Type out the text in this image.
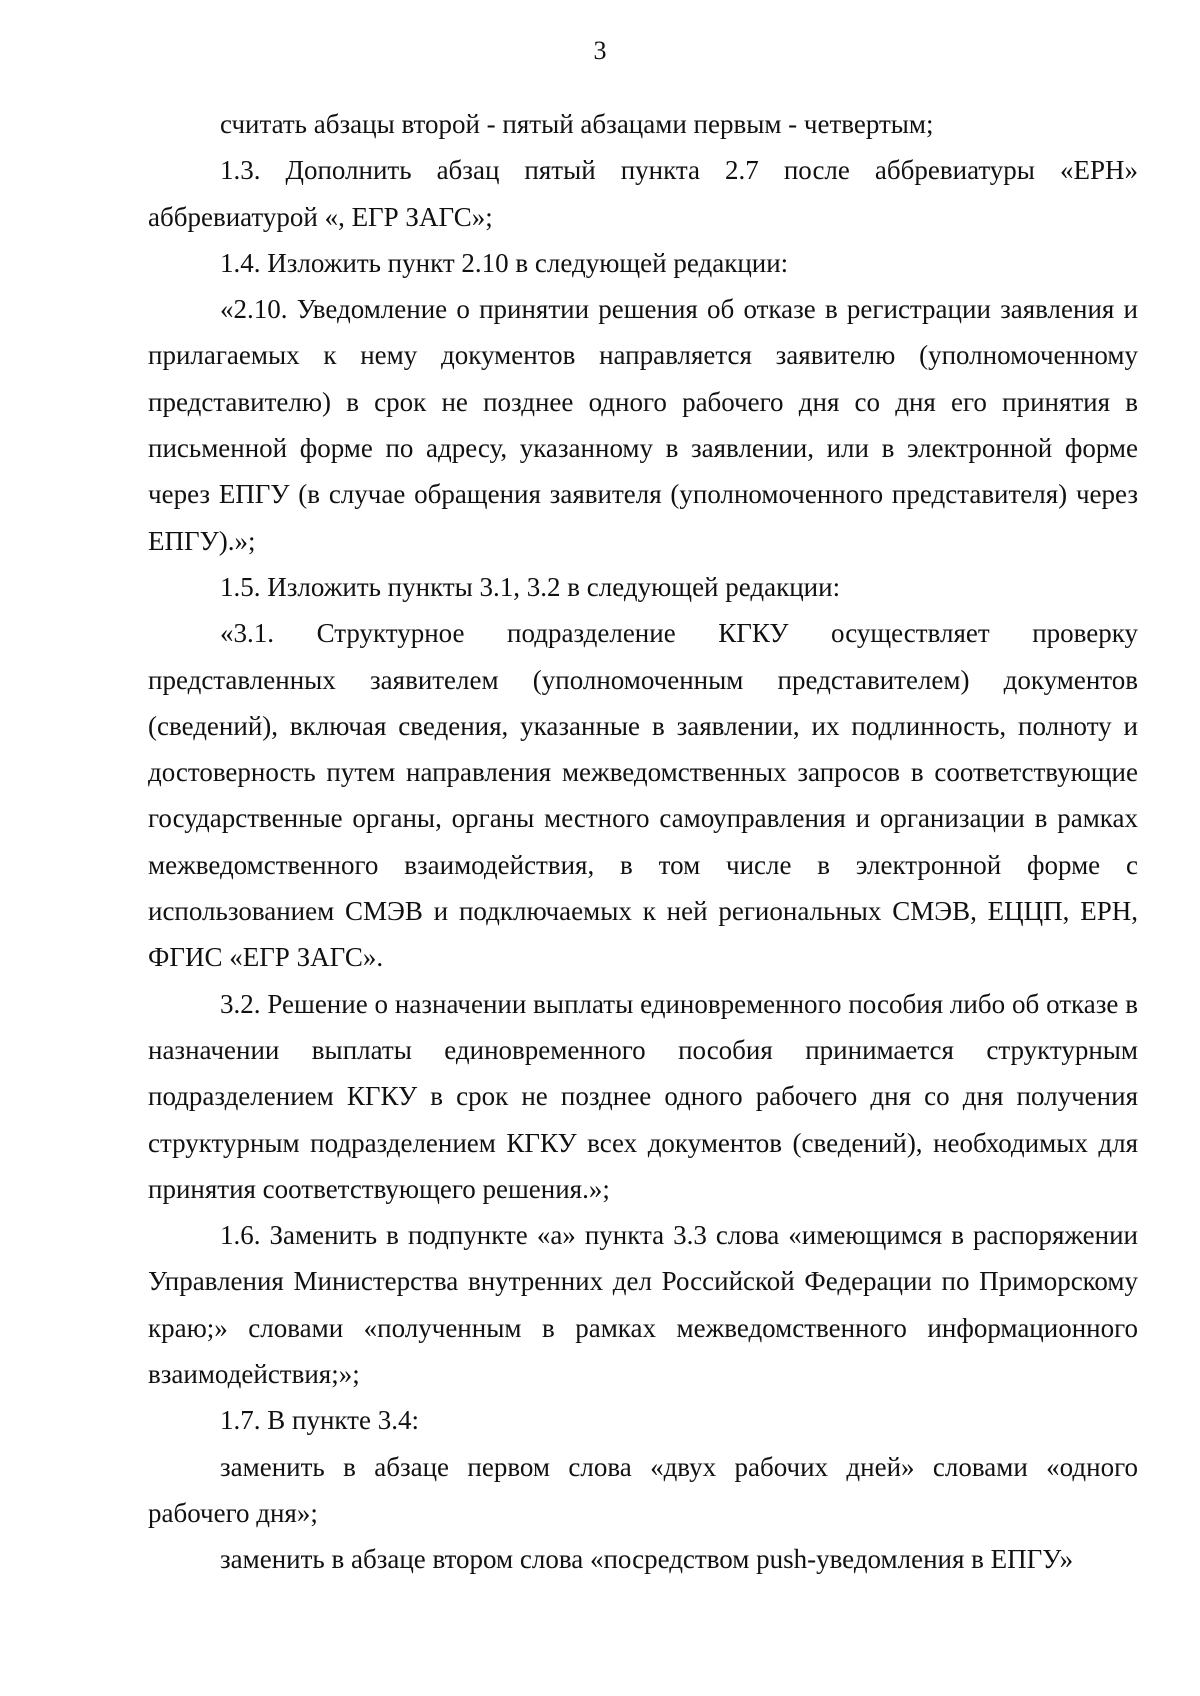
3

считать абзацы второй - пятый абзацами первым - четвертым;

1.3. Дополнить абзац пятый пункта 2.7 после аббревиатуры «ЕРН» аббревиатурой «, ЕГР ЗАГС»;

1.4. Изложить пункт 2.10 в следующей редакции:

«2.10. Уведомление о принятии решения об отказе в регистрации заявления и прилагаемых к нему документов направляется заявителю (уполномоченному представителю) в срок не позднее одного рабочего дня со дня его принятия в письменной форме по адресу, указанному в заявлении, или в электронной форме через ЕПГУ (в случае обращения заявителя (уполномоченного представителя) через ЕПГУ).»;

1.5. Изложить пункты 3.1, 3.2 в следующей редакции:

«3.1. Структурное подразделение КГКУ осуществляет проверку представленных заявителем (уполномоченным представителем) документов (сведений), включая сведения, указанные в заявлении, их подлинность, полноту и достоверность путем направления межведомственных запросов в соответствующие государственные органы, органы местного самоуправления и организации в рамках межведомственного взаимодействия, в том числе в электронной форме с использованием СМЭВ и подключаемых к ней региональных СМЭВ, ЕЦЦП, ЕРН, ФГИС «ЕГР ЗАГС».

3.2. Решение о назначении выплаты единовременного пособия либо об отказе в назначении выплаты единовременного пособия принимается структурным подразделением КГКУ в срок не позднее одного рабочего дня со дня получения структурным подразделением КГКУ всех документов (сведений), необходимых для принятия соответствующего решения.»;

1.6. Заменить в подпункте «а» пункта 3.3 слова «имеющимся в распоряжении Управления Министерства внутренних дел Российской Федерации по Приморскому краю;» словами «полученным в рамках межведомственного информационного взаимодействия;»;

1.7. В пункте 3.4:

заменить в абзаце первом слова «двух рабочих дней» словами «одного рабочего дня»;

заменить в абзаце втором слова «посредством push-уведомления в ЕПГУ»
